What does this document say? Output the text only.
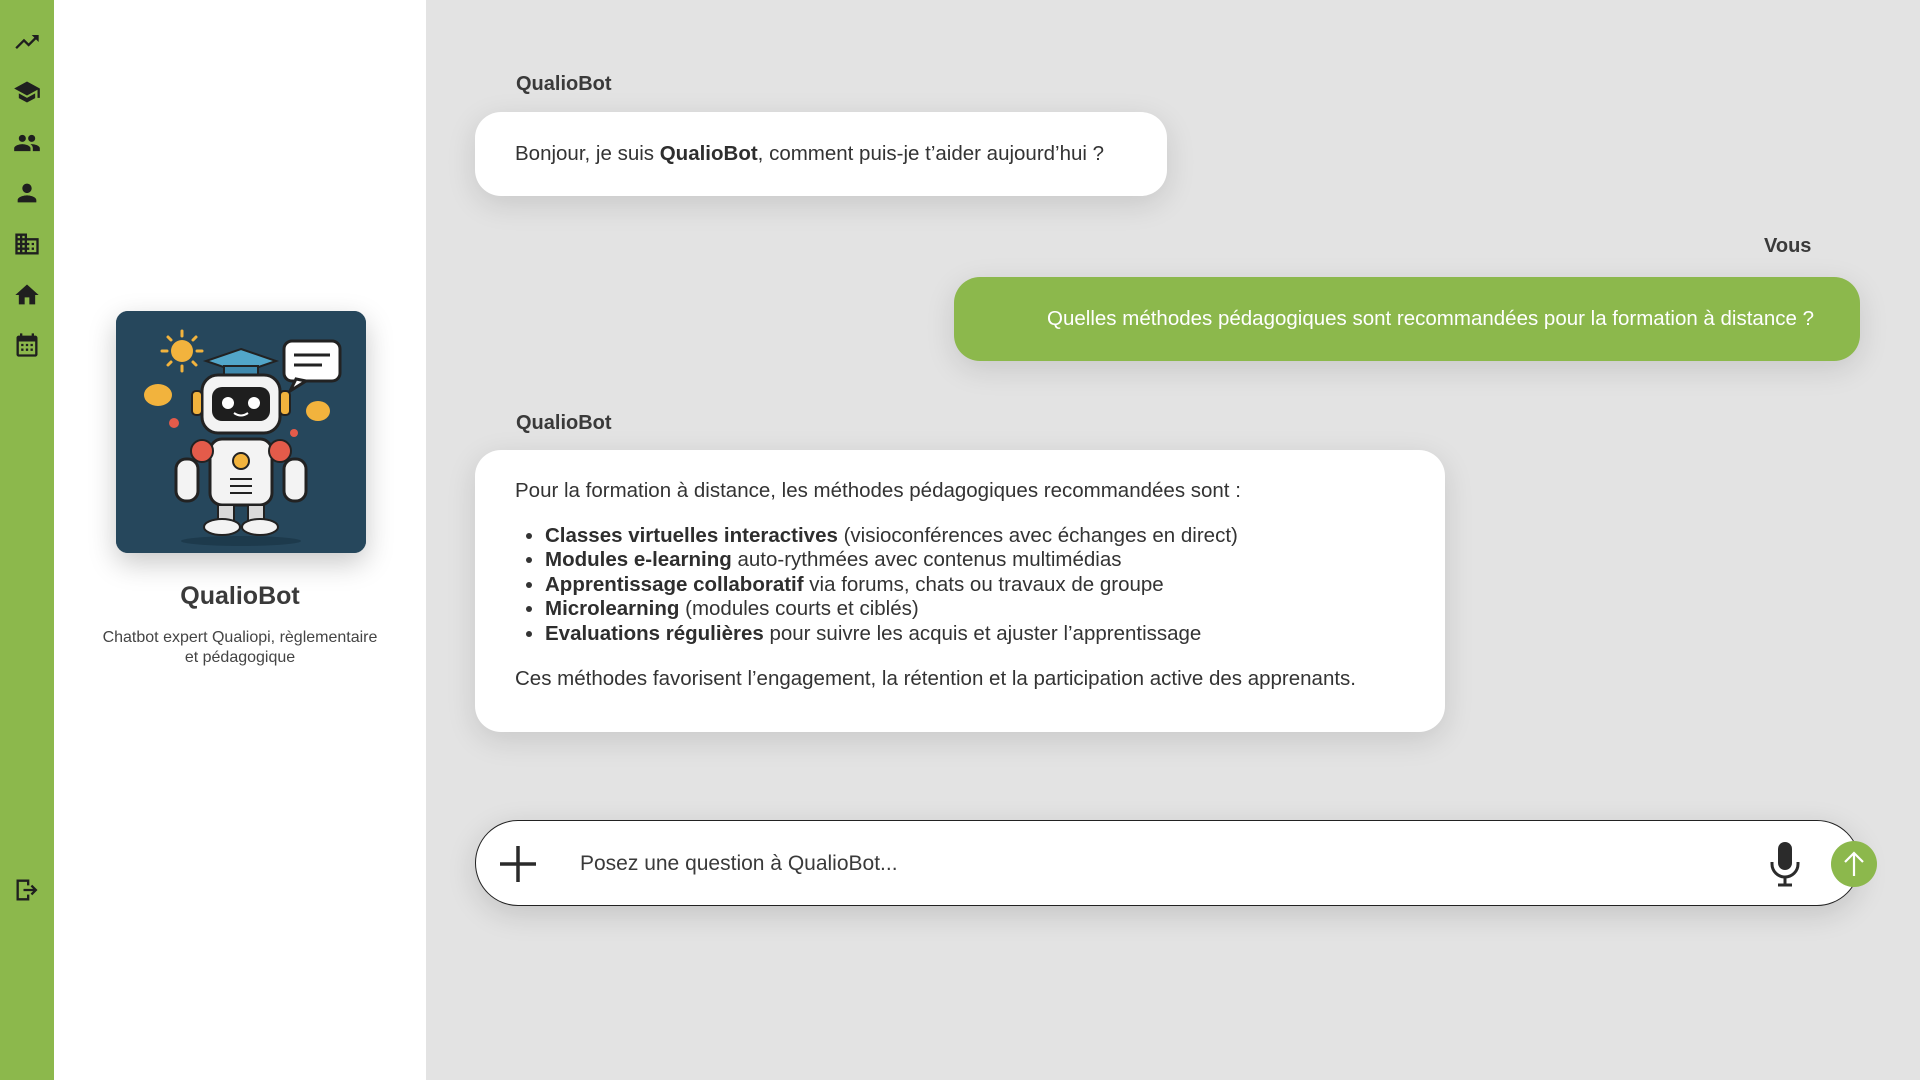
QualioBot
Chatbot expert Qualiopi, règlementaire et pédagogique
QualioBot
Bonjour, je suis QualioBot, comment puis-je t’aider aujourd’hui ?
Vous
Quelles méthodes pédagogiques sont recommandées pour la formation à distance ?
QualioBot

Pour la formation à distance, les méthodes pédagogiques recommandées sont :

• Classes virtuelles interactives (visioconférences avec échanges en direct)
• Modules e-learning auto-rythmées avec contenus multimédias
• Apprentissage collaboratif via forums, chats ou travaux de groupe
• Microlearning (modules courts et ciblés)
• Evaluations régulières pour suivre les acquis et ajuster l’apprentissage

Ces méthodes favorisent l’engagement, la rétention et la participation active des apprenants.

Posez une question à QualioBot...
